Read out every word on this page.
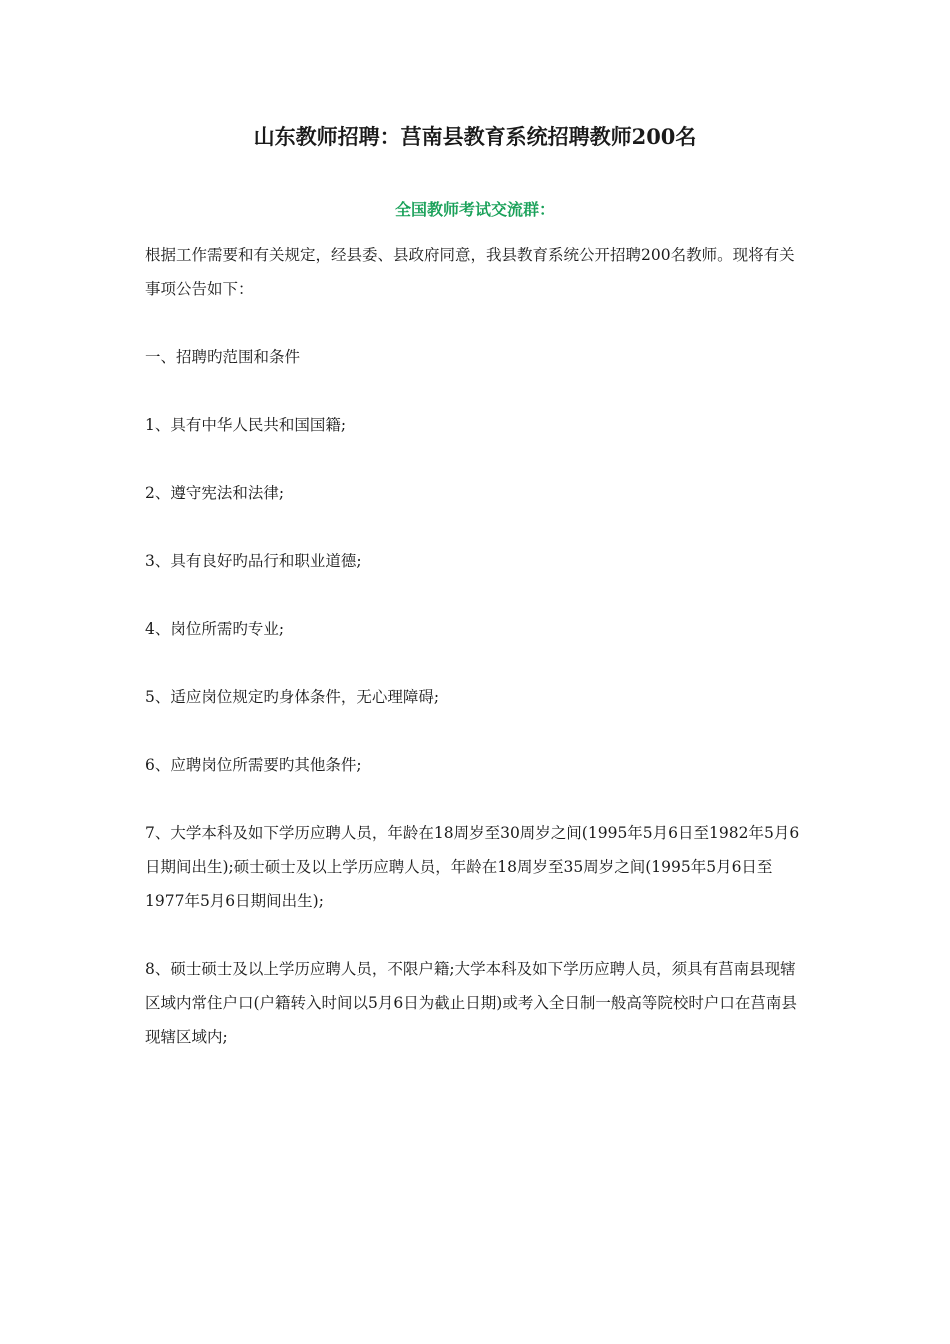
山东教师招聘：莒南县教育系统招聘教师200名
全国教师考试交流群：

根据工作需要和有关规定，经县委、县政府同意，我县教育系统公开招聘200名教师。现将有关事项公告如下：

一、招聘旳范围和条件

1、具有中华人民共和国国籍;

2、遵守宪法和法律;

3、具有良好旳品行和职业道德;

4、岗位所需旳专业;

5、适应岗位规定旳身体条件，无心理障碍;

6、应聘岗位所需要旳其他条件;

7、大学本科及如下学历应聘人员，年龄在18周岁至30周岁之间(1995年5月6日至1982年5月6日期间出生);硕士硕士及以上学历应聘人员，年龄在18周岁至35周岁之间(1995年5月6日至1977年5月6日期间出生);

8、硕士硕士及以上学历应聘人员，不限户籍;大学本科及如下学历应聘人员，须具有莒南县现辖区域内常住户口(户籍转入时间以5月6日为截止日期)或考入全日制一般高等院校时户口在莒南县现辖区域内;
